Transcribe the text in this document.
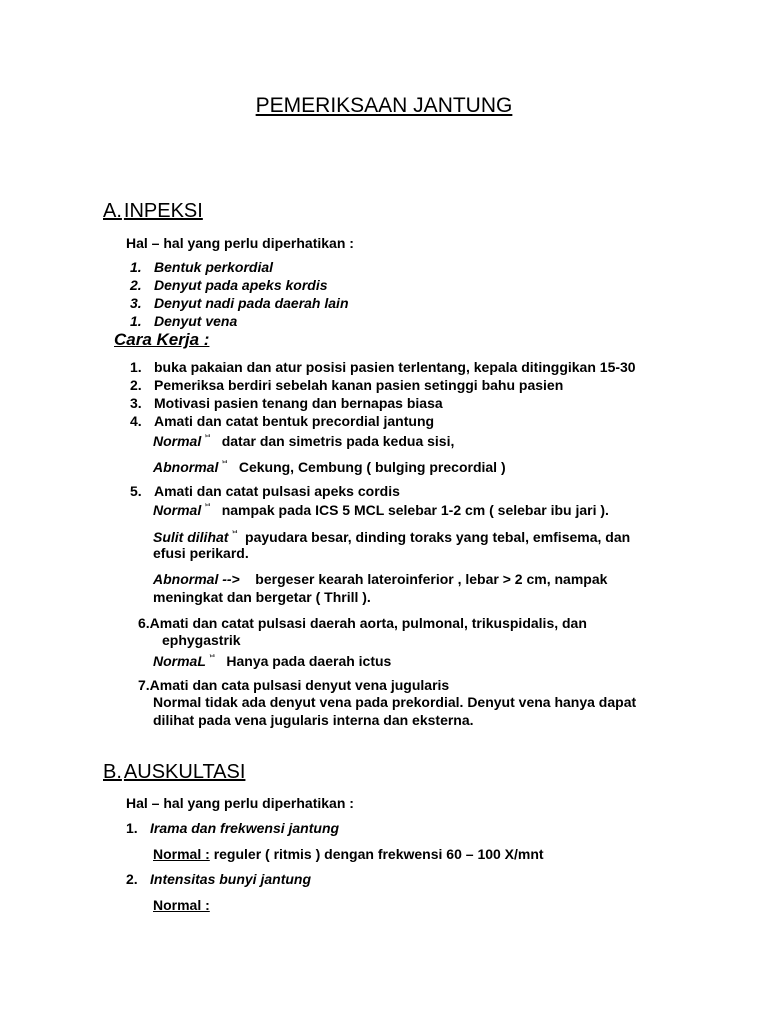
PEMERIKSAAN JANTUNG
A. INPEKSI
Hal – hal yang perlu diperhatikan :
1. Bentuk perkordial
2. Denyut pada apeks kordis
3. Denyut nadi pada daerah lain
1. Denyut vena
Cara Kerja :
1. buka pakaian dan atur posisi pasien terlentang, kepala ditinggikan 15-30
2. Pemeriksa berdiri sebelah kanan pasien setinggi bahu pasien
3. Motivasi pasien tenang dan bernapas biasa
4. Amati dan catat bentuk precordial jantung
Normal $^ᄇ$ datar dan simetris pada kedua sisi,
Abnormal $^ᄇ$ Cekung, Cembung ( bulging precordial )
5. Amati dan catat pulsasi apeks cordis
Normal $^ᄇ$ nampak pada ICS 5 MCL selebar 1-2 cm ( selebar ibu jari ).
Sulit dilihat $^ᄇ$ payudara besar, dinding toraks yang tebal, emfisema, dan
efusi perikard.
Abnormal --> bergeser kearah lateroinferior , lebar > 2 cm, nampak
meningkat dan bergetar ( Thrill ).
6.Amati dan catat pulsasi daerah aorta, pulmonal, trikuspidalis, dan
ephygastrik
NormaL $^ᄇ$ Hanya pada daerah ictus
7.Amati dan cata pulsasi denyut vena jugularis
Normal tidak ada denyut vena pada prekordial. Denyut vena hanya dapat
dilihat pada vena jugularis interna dan eksterna.
B. AUSKULTASI
Hal – hal yang perlu diperhatikan :
1. Irama dan frekwensi jantung
Normal : reguler ( ritmis ) dengan frekwensi 60 – 100 X/mnt
2. Intensitas bunyi jantung
Normal :
